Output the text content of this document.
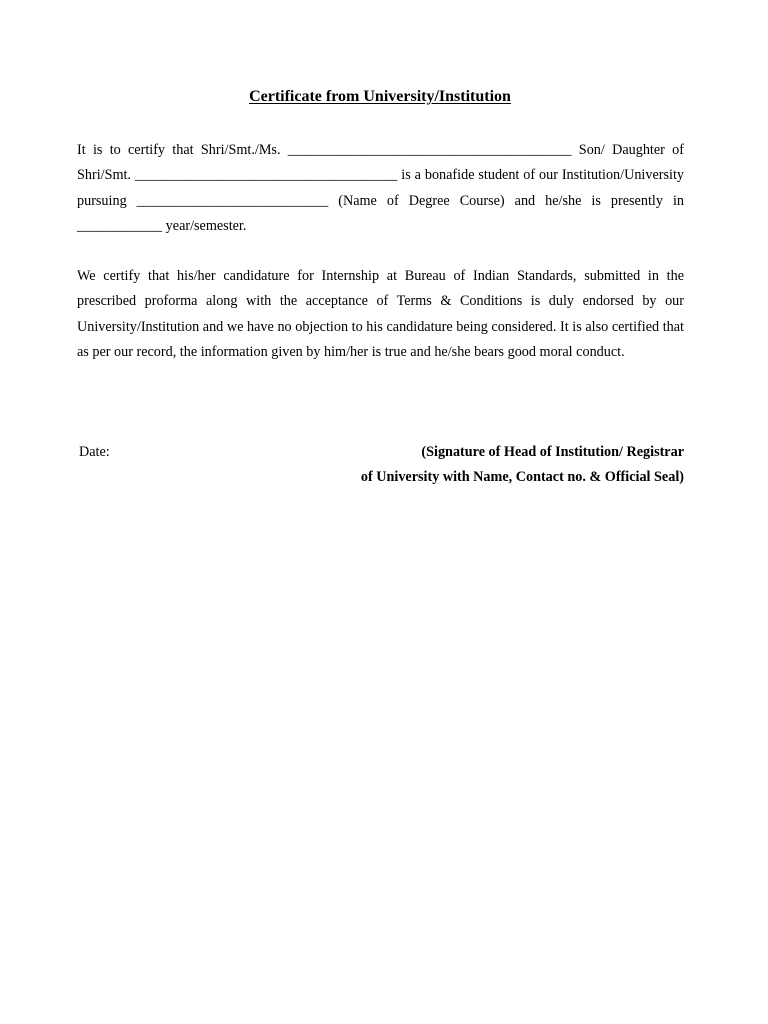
Certificate from University/Institution

It is to certify that Shri/Smt./Ms. ________________________________________ Son/ Daughter of Shri/Smt. _____________________________________ is a bonafide student of our Institution/University pursuing ___________________________ (Name of Degree Course) and he/she is presently in ____________ year/semester.

We certify that his/her candidature for Internship at Bureau of Indian Standards, submitted in the prescribed proforma along with the acceptance of Terms & Conditions is duly endorsed by our University/Institution and we have no objection to his candidature being considered. It is also certified that as per our record, the information given by him/her is true and he/she bears good moral conduct.

Date:	(Signature of Head of Institution/ Registrar
of University with Name, Contact no. & Official Seal)
